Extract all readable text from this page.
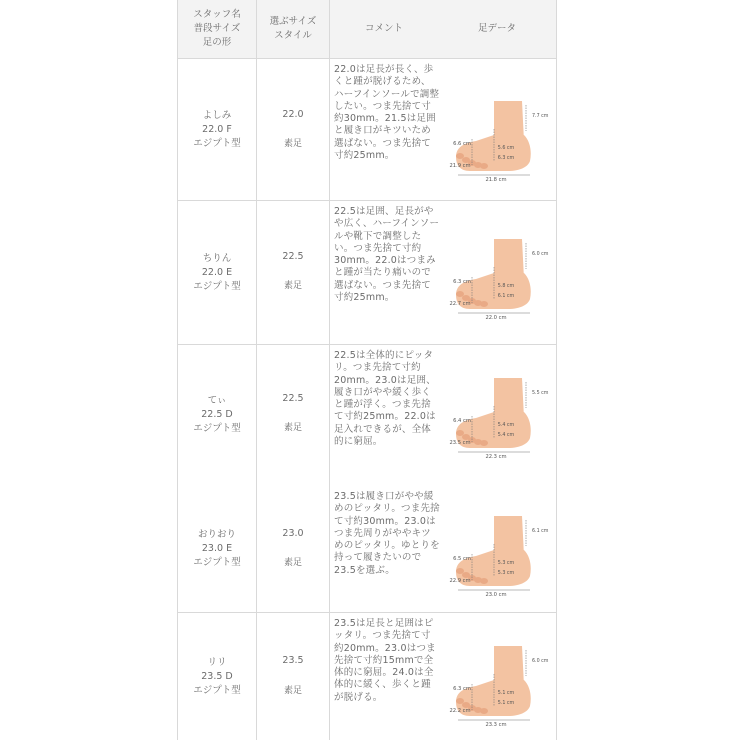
スタッフ名
普段サイズ
足の形
選ぶサイズ
スタイル
コメント	足データ
よしみ
22.0 F
エジプト型
22.0
素足
22.0は足長が長く、歩くと踵が脱げるため、ハーフインソールで調整したい。つま先捨て寸約30mm。21.5は足囲と履き口がキツいため選ばない。つま先捨て寸約25mm。
7.7 cm
5.6 cm
6.6 cm
6.3 cm
21.9 cm
21.8 cm
ちりん
22.0 E
エジプト型
22.5
素足
22.5は足囲、足長がやや広く、ハーフインソールや靴下で調整したい。つま先捨て寸約30mm。22.0はつまみと踵が当たり痛いので選ばない。つま先捨て寸約25mm。
6.0 cm
5.8 cm
6.3 cm
6.1 cm
22.7 cm
22.0 cm
てぃ
22.5 D
エジプト型
22.5
素足
22.5は全体的にピッタリ。つま先捨て寸約20mm。23.0は足囲、履き口がやや緩く歩くと踵が浮く。つま先捨て寸約25mm。22.0は足入れできるが、全体的に窮屈。
5.5 cm
5.4 cm
6.4 cm
5.4 cm
23.5 cm
22.3 cm
おりおり
23.0 E
エジプト型
23.0
素足
23.5は履き口がやや緩めのピッタリ。つま先捨て寸約30mm。23.0はつま先周りがややキツめのピッタリ。ゆとりを持って履きたいので23.5を選ぶ。
6.1 cm
5.3 cm
6.5 cm
5.3 cm
22.9 cm
23.0 cm
リリ
23.5 D
エジプト型
23.5
素足
23.5は足長と足囲はピッタリ。つま先捨て寸約20mm。23.0はつま先捨て寸約15mmで全体的に窮屈。24.0は全体的に緩く、歩くと踵が脱げる。
6.0 cm
5.1 cm
6.3 cm
5.1 cm
22.2 cm
23.3 cm
